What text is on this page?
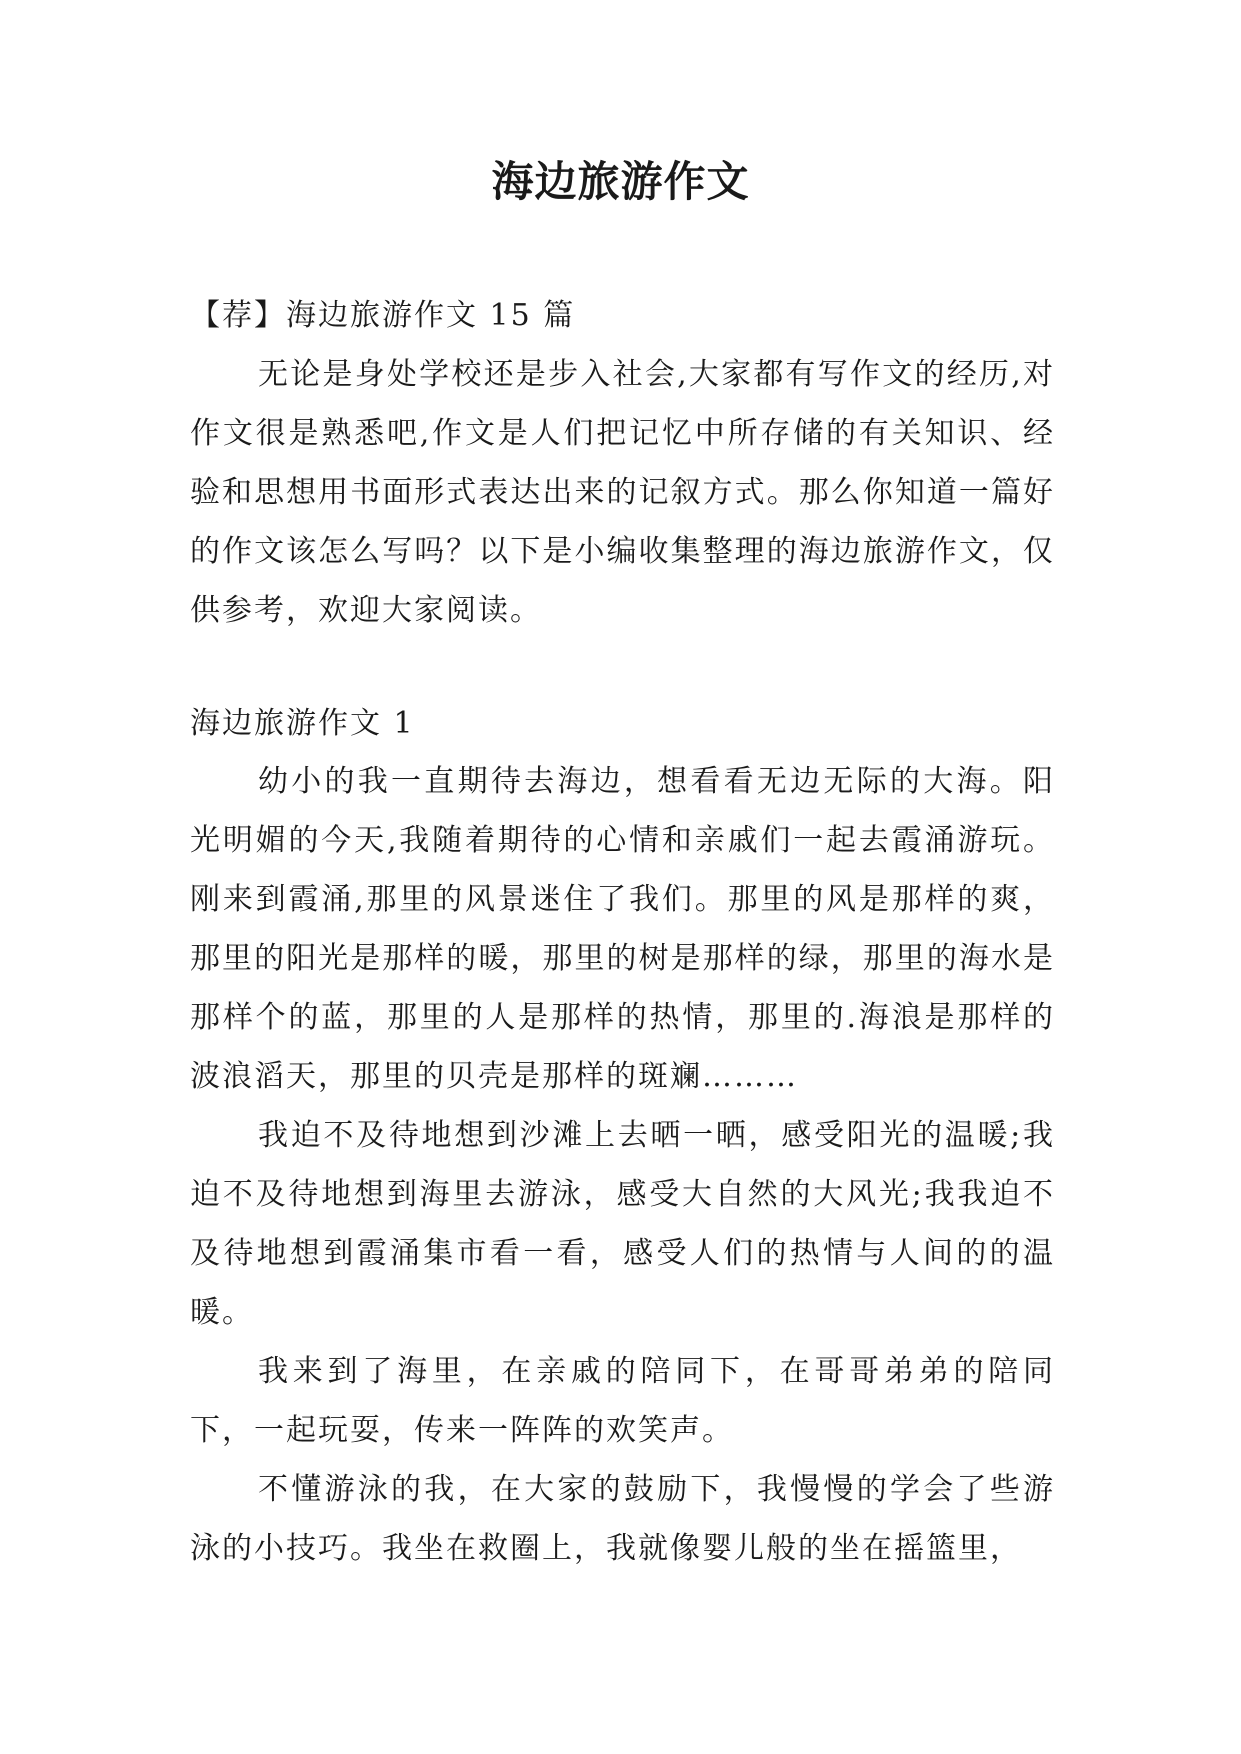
海边旅游作文
【荐】海边旅游作文 15 篇

无论是身处学校还是步入社会,大家都有写作文的经历,对作文很是熟悉吧,作文是人们把记忆中所存储的有关知识、经验和思想用书面形式表达出来的记叙方式。那么你知道一篇好的作文该怎么写吗？以下是小编收集整理的海边旅游作文，仅供参考，欢迎大家阅读。

海边旅游作文 1

幼小的我一直期待去海边，想看看无边无际的大海。阳光明媚的今天,我随着期待的心情和亲戚们一起去霞涌游玩。刚来到霞涌,那里的风景迷住了我们。那里的风是那样的爽，那里的阳光是那样的暖，那里的树是那样的绿，那里的海水是那样个的蓝，那里的人是那样的热情，那里的.海浪是那样的波浪滔天，那里的贝壳是那样的斑斓………

我迫不及待地想到沙滩上去晒一晒，感受阳光的温暖;我迫不及待地想到海里去游泳，感受大自然的大风光;我我迫不及待地想到霞涌集市看一看，感受人们的热情与人间的的温暖。

我来到了海里，在亲戚的陪同下，在哥哥弟弟的陪同下，一起玩耍，传来一阵阵的欢笑声。

不懂游泳的我，在大家的鼓励下，我慢慢的学会了些游泳的小技巧。我坐在救圈上，我就像婴儿般的坐在摇篮里，
